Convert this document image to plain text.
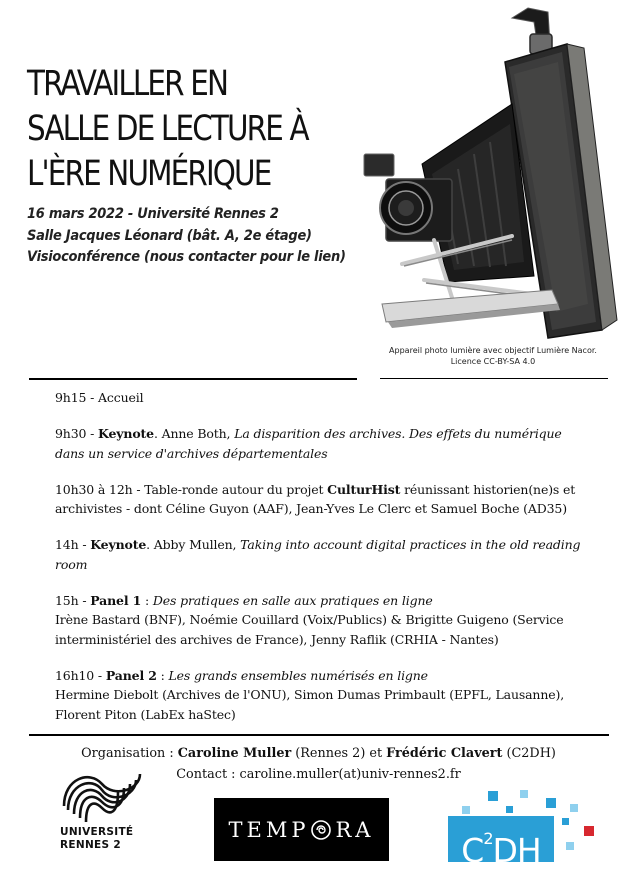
TRAVAILLER EN
SALLE DE LECTURE À
L'ÈRE NUMÉRIQUE
16 mars 2022 - Université Rennes 2
Salle Jacques Léonard (bât. A, 2e étage)
Visioconférence (nous contacter pour le lien)
Appareil photo lumière avec objectif Lumière Nacor.
Licence CC-BY-SA 4.0
9h15 - Accueil
9h30 - Keynote. Anne Both, La disparition des archives. Des effets du numérique
dans un service d'archives départementales
10h30 à 12h - Table-ronde autour du projet CulturHist réunissant historien(ne)s et
archivistes - dont Céline Guyon (AAF), Jean-Yves Le Clerc et Samuel Boche (AD35)
14h - Keynote. Abby Mullen, Taking into account digital practices in the old reading
room
15h - Panel 1 : Des pratiques en salle aux pratiques en ligne
Irène Bastard (BNF), Noémie Couillard (Voix/Publics) & Brigitte Guigeno (Service
interministériel des archives de France), Jenny Raflik (CRHIA - Nantes)
16h10 - Panel 2 : Les grands ensembles numérisés en ligne
Hermine Diebolt (Archives de l'ONU), Simon Dumas Primbault (EPFL, Lausanne),
Florent Piton (LabEx haStec)
Organisation : Caroline Muller (Rennes 2) et Frédéric Clavert (C2DH)
Contact : caroline.muller(at)univ-rennes2.fr
UNIVERSITÉ
RENNES 2
TEMP RA
$C^2DH$
